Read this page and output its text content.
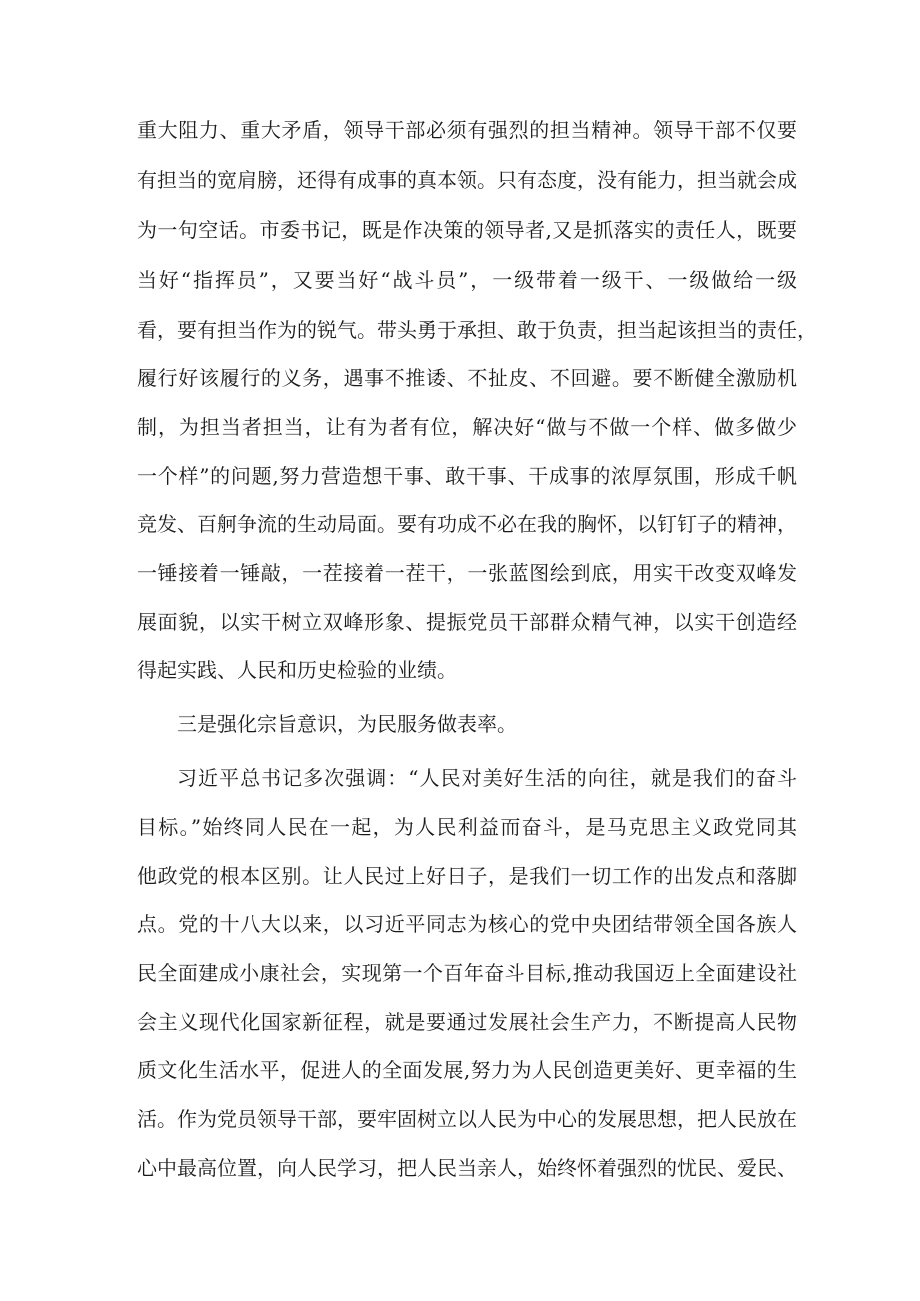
重大阻力、重大矛盾，领导干部必须有强烈的担当精神。领导干部不仅要
有担当的宽肩膀，还得有成事的真本领。只有态度，没有能力，担当就会成
为一句空话。市委书记，既是作决策的领导者,又是抓落实的责任人，既要
当好“指挥员”，又要当好“战斗员”，一级带着一级干、一级做给一级
看，要有担当作为的锐气。带头勇于承担、敢于负责，担当起该担当的责任，
履行好该履行的义务，遇事不推诿、不扯皮、不回避。要不断健全激励机
制，为担当者担当，让有为者有位，解决好“做与不做一个样、做多做少
一个样”的问题,努力营造想干事、敢干事、干成事的浓厚氛围，形成千帆
竞发、百舸争流的生动局面。要有功成不必在我的胸怀，以钉钉子的精神，
一锤接着一锤敲，一茬接着一茬干，一张蓝图绘到底，用实干改变双峰发
展面貌，以实干树立双峰形象、提振党员干部群众精气神，以实干创造经
得起实践、人民和历史检验的业绩。
三是强化宗旨意识，为民服务做表率。
习近平总书记多次强调：“人民对美好生活的向往，就是我们的奋斗
目标。”始终同人民在一起，为人民利益而奋斗，是马克思主义政党同其
他政党的根本区别。让人民过上好日子，是我们一切工作的出发点和落脚
点。党的十八大以来，以习近平同志为核心的党中央团结带领全国各族人
民全面建成小康社会，实现第一个百年奋斗目标,推动我国迈上全面建设社
会主义现代化国家新征程，就是要通过发展社会生产力，不断提高人民物
质文化生活水平，促进人的全面发展,努力为人民创造更美好、更幸福的生
活。作为党员领导干部，要牢固树立以人民为中心的发展思想，把人民放在
心中最高位置，向人民学习，把人民当亲人，始终怀着强烈的忧民、爱民、
